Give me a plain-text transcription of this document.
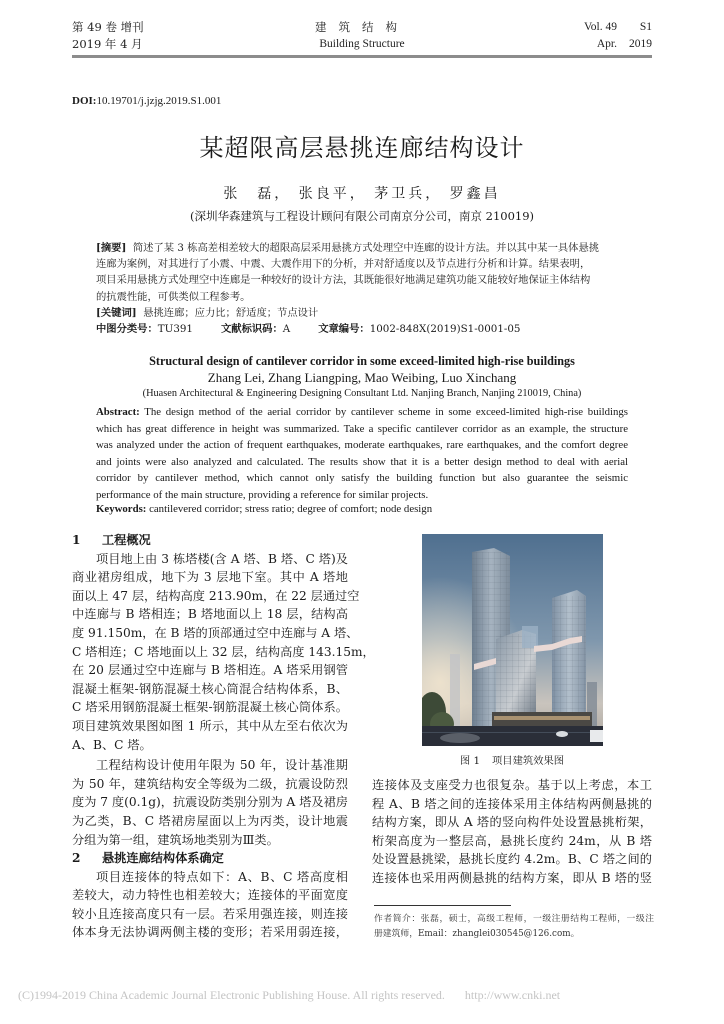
第 49 卷 增刊
2019 年 4 月
建筑结构
Building Structure
Vol. 49 S1
Apr. 2019
DOI:10.19701/j.jzjg.2019.S1.001
某超限高层悬挑连廊结构设计
张　磊， 张良平， 茅卫兵， 罗鑫昌
(深圳华森建筑与工程设计顾问有限公司南京分公司，南京 210019)
[摘要] 简述了某 3 栋高差相差较大的超限高层采用悬挑方式处理空中连廊的设计方法。并以其中某一具体悬挑
连廊为案例，对其进行了小震、中震、大震作用下的分析，并对舒适度以及节点进行分析和计算。结果表明，
项目采用悬挑方式处理空中连廊是一种较好的设计方法，其既能很好地满足建筑功能又能较好地保证主体结构
的抗震性能，可供类似工程参考。
[关键词] 悬挑连廊；应力比；舒适度；节点设计
中图分类号：TU391	文献标识码：A	文章编号：1002-848X(2019)S1-0001-05
Structural design of cantilever corridor in some exceed-limited high-rise buildings
Zhang Lei, Zhang Liangping, Mao Weibing, Luo Xinchang
(Huasen Architectural & Engineering Designing Consultant Ltd. Nanjing Branch, Nanjing 210019, China)
Abstract: The design method of the aerial corridor by cantilever scheme in some exceed-limited high-rise buildings
which has great difference in height was summarized. Take a specific cantilever corridor as an example, the structure
was analyzed under the action of frequent earthquakes, moderate earthquakes, rare earthquakes, and the comfort degree
and joints were also analyzed and calculated. The results show that it is a better design method to deal with aerial
corridor by cantilever method, which cannot only satisfy the building function but also guarantee the seismic
performance of the main structure, providing a reference for similar projects.
Keywords: cantilevered corridor; stress ratio; degree of comfort; node design
1 工程概况
项目地上由 3 栋塔楼(含 A 塔、B 塔、C 塔)及
商业裙房组成，地下为 3 层地下室。其中 A 塔地
面以上 47 层，结构高度 213.90m，在 22 层通过空
中连廊与 B 塔相连；B 塔地面以上 18 层，结构高
度 91.150m，在 B 塔的顶部通过空中连廊与 A 塔、
C 塔相连；C 塔地面以上 32 层，结构高度 143.15m，
在 20 层通过空中连廊与 B 塔相连。A 塔采用钢管
混凝土框架-钢筋混凝土核心筒混合结构体系，B、
C 塔采用钢筋混凝土框架-钢筋混凝土核心筒体系。
项目建筑效果图如图 1 所示，其中从左至右依次为
A、B、C 塔。
工程结构设计使用年限为 50 年，设计基准期
为 50 年，建筑结构安全等级为二级，抗震设防烈
度为 7 度(0.1g)，抗震设防类别分别为 A 塔及裙房
为乙类，B、C 塔裙房屋面以上为丙类，设计地震
分组为第一组，建筑场地类别为Ⅲ类。
2 悬挑连廊结构体系确定
项目连接体的特点如下：A、B、C 塔高度相
差较大，动力特性也相差较大；连接体的平面宽度
较小且连接高度只有一层。若采用强连接，则连接
体本身无法协调两侧主楼的变形；若采用弱连接，
图 1 项目建筑效果图
连接体及支座受力也很复杂。基于以上考虑，本工
程 A、B 塔之间的连接体采用主体结构两侧悬挑的
结构方案，即从 A 塔的竖向构件处设置悬挑桁架，
桁架高度为一整层高，悬挑长度约 24m，从 B 塔
处设置悬挑梁，悬挑长度约 4.2m。B、C 塔之间的
连接体也采用两侧悬挑的结构方案，即从 B 塔的竖
作者简介：张磊，硕士，高级工程师，一级注册结构工程师，一级注
册建筑师，Email：zhanglei030545@126.com。
(C)1994-2019 China Academic Journal Electronic Publishing House. All rights reserved. http://www.cnki.net
